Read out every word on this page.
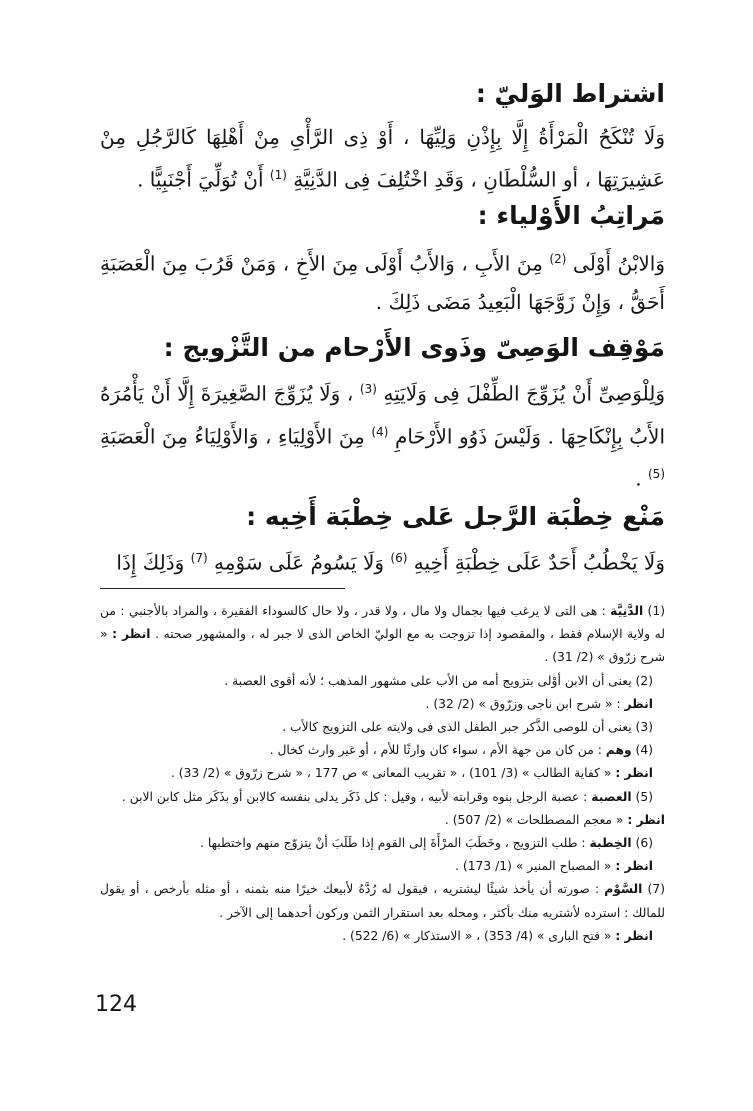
اشتراط الوَليّ :

وَلَا تُنْكَحُ الْمَرْأَةُ إِلَّا بِإِذْنِ وَلِيِّهَا ، أَوْ ذِى الرَّأْىِ مِنْ أَهْلِهَا كَالرَّجُلِ مِنْ عَشِيرَتِهَا ، أو السُّلْطَانِ ، وَقَدِ اخْتُلِفَ فِى الدَّنِيَّةِ $^{(1)}$ أَنْ تُوَلِّيَ أَجْنَبِيًّا .

مَراتِبُ الأَوْلياء :

وَالابْنُ أَوْلَى $^{(2)}$ مِنَ الأَبِ ، وَالأَبُ أَوْلَى مِنَ الأَخِ ، وَمَنْ قَرُبَ مِنَ الْعَصَبَةِ أَحَقُّ ، وَإِنْ زَوَّجَهَا الْبَعِيدُ مَضَى ذَلِكَ .

مَوْقِف الوَصِىّ وذَوى الأَرْحام من التَّزْويج :

وَلِلْوَصِىِّ أَنْ يُزَوِّجَ الطِّفْلَ فِى وَلَايَتِهِ $^{(3)}$ ، وَلَا يُزَوِّجَ الصَّغِيرَةَ إِلَّا أَنْ يَأْمُرَهُ الأَبُ بِإِنْكَاحِهَا . وَلَيْسَ ذَوُو الأَرْحَامِ $^{(4)}$ مِنَ الأَوْلِيَاءِ ، وَالأَوْلِيَاءُ مِنَ الْعَصَبَةِ $^{(5)}$ .

مَنْع خِطْبَة الرَّجل عَلى خِطْبَة أَخِيه :

وَلَا يَخْطُبُ أَحَدٌ عَلَى خِطْبَةِ أَخِيهِ $^{(6)}$ وَلَا يَسُومُ عَلَى سَوْمِهِ $^{(7)}$ وَذَلِكَ إِذَا

(1) الدَّنِيَّة : هى التى لا يرغب فيها بجمال ولا مال ، ولا قدر ، ولا حال كالسوداء الفقيرة ، والمراد بالأجنبي : من له ولاية الإسلام فقط ، والمقصود إذا تزوجت به مع الوليّ الخاص الذى لا جبر له ، والمشهور صحته . انظر : « شرح زرّوق » (2/ 31) .

(2) يعنى أن الابن أوْلى بتزويج أمه من الأب على مشهور المذهب ؛ لأنه أقوى العصبة .

انظر : « شرح ابن ناجى وزرّوق » (2/ 32) .

(3) يعنى أن للوصى الذَّكر جبر الطفل الذى فى ولايته على التزويج كالأب .

(4) وهم : من كان من جهة الأم ، سواء كان وارثًا للأم ، أو غير وارث كخال .

انظر : « كفاية الطالب » (3/ 101) ، « تقريب المعانى » ص 177 ، « شرح زرّوق » (2/ 33) .

(5) العصبة : عصبة الرجل بنوه وقرابته لأبيه ، وقيل : كل ذَكَر يدلى بنفسه كالابن أو بذَكَر مثل كابن الابن .

انظر : « معجم المصطلحات » (2/ 507) .

(6) الخِطبة : طلب التزويج ، وخَطَبَ المرْأَةَ إلى القوم إذا طَلَبَ أنْ يتزوّج منهم واختطبها .

انظر : « المصباح المنير » (1/ 173) .

(7) السَّوْم : صورته أن يأخذ شيئًا ليشتريه ، فيقول له رُدَّهُ لأبيعك خيرًا منه بثمنه ، أو مثله بأرخص ، أو يقول للمالك : استرده لأشتريه منك بأكثر ، ومحله بعد استقرار الثمن وركون أحدهما إلى الآخر .

انظر : « فتح البارى » (4/ 353) ، « الاستذكار » (6/ 522) .

124
